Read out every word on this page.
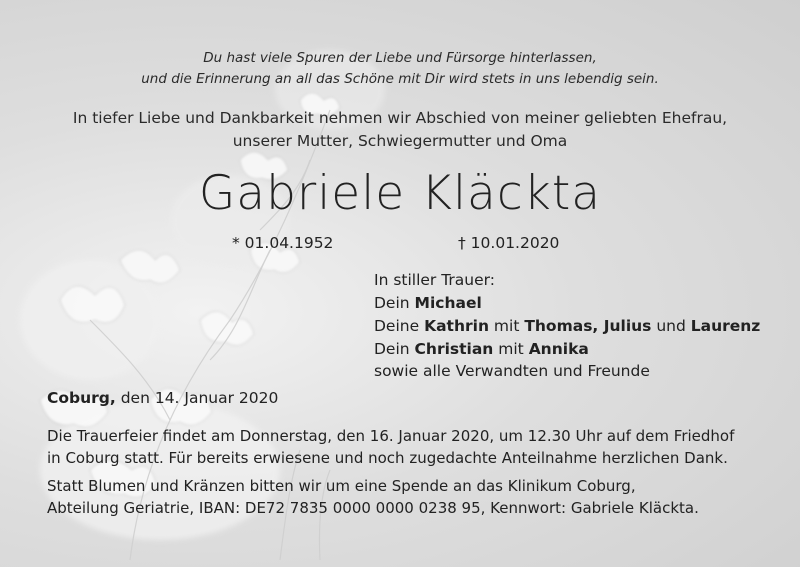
Du hast viele Spuren der Liebe und Fürsorge hinterlassen,
und die Erinnerung an all das Schöne mit Dir wird stets in uns lebendig sein.
In tiefer Liebe und Dankbarkeit nehmen wir Abschied von meiner geliebten Ehefrau,
unserer Mutter, Schwiegermutter und Oma
Gabriele Kläckta
* 01.04.1952	† 10.01.2020
In stiller Trauer:
Dein Michael
Deine Kathrin mit Thomas, Julius und Laurenz
Dein Christian mit Annika
sowie alle Verwandten und Freunde
Coburg, den 14. Januar 2020
Die Trauerfeier findet am Donnerstag, den 16. Januar 2020, um 12.30 Uhr auf dem Friedhof
in Coburg statt. Für bereits erwiesene und noch zugedachte Anteilnahme herzlichen Dank.
Statt Blumen und Kränzen bitten wir um eine Spende an das Klinikum Coburg,
Abteilung Geriatrie, IBAN: DE72 7835 0000 0000 0238 95, Kennwort: Gabriele Kläckta.
